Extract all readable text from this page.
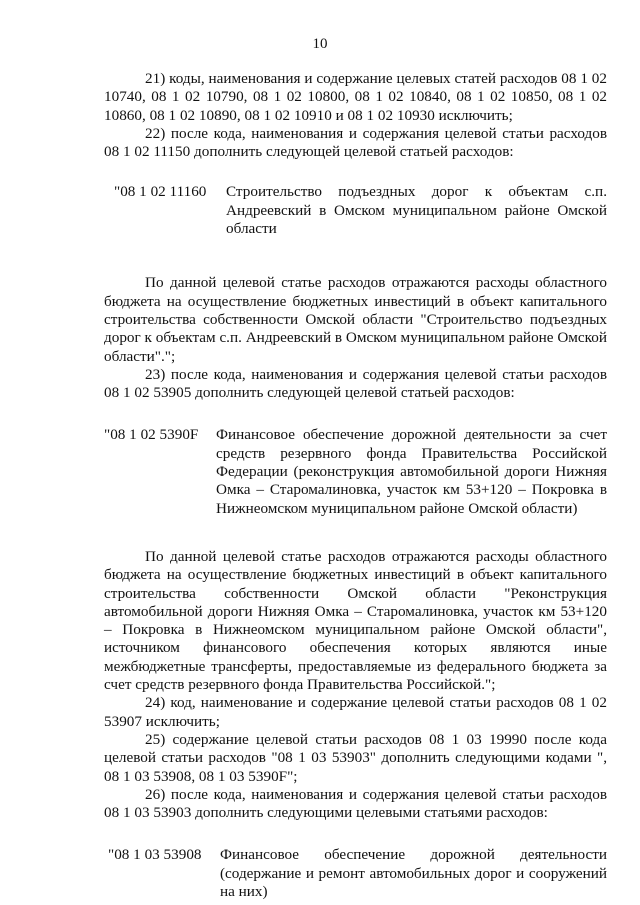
10

21) коды, наименования и содержание целевых статей расходов 08 1 02 10740, 08 1 02 10790, 08 1 02 10800, 08 1 02 10840, 08 1 02 10850, 08 1 02 10860, 08 1 02 10890, 08 1 02 10910 и 08 1 02 10930 исключить;

22) после кода, наименования и содержания целевой статьи расходов 08 1 02 11150 дополнить следующей целевой статьей расходов:

"08 1 02 11160	Строительство подъездных дорог к объектам с.п. Андреевский в Омском муниципальном районе Омской области

По данной целевой статье расходов отражаются расходы областного бюджета на осуществление бюджетных инвестиций в объект капитального строительства собственности Омской области "Строительство подъездных дорог к объектам с.п. Андреевский в Омском муниципальном районе Омской области".";

23) после кода, наименования и содержания целевой статьи расходов 08 1 02 53905 дополнить следующей целевой статьей расходов:

"08 1 02 5390F	Финансовое обеспечение дорожной деятельности за счет средств резервного фонда Правительства Российской Федерации (реконструкция автомобильной дороги Нижняя Омка – Старомалиновка, участок км 53+120 – Покровка в Нижнеомском муниципальном районе Омской области)

По данной целевой статье расходов отражаются расходы областного бюджета на осуществление бюджетных инвестиций в объект капитального строительства собственности Омской области "Реконструкция автомобильной дороги Нижняя Омка – Старомалиновка, участок км 53+120 – Покровка в Нижнеомском муниципальном районе Омской области", источником финансового обеспечения которых являются иные межбюджетные трансферты, предоставляемые из федерального бюджета за счет средств резервного фонда Правительства Российской.";

24) код, наименование и содержание целевой статьи расходов 08 1 02 53907 исключить;

25) содержание целевой статьи расходов 08 1 03 19990 после кода целевой статьи расходов "08 1 03 53903" дополнить следующими кодами ", 08 1 03 53908, 08 1 03 5390F";

26) после кода, наименования и содержания целевой статьи расходов 08 1 03 53903 дополнить следующими целевыми статьями расходов:

"08 1 03 53908	Финансовое обеспечение дорожной деятельности (содержание и ремонт автомобильных дорог и сооружений на них)
